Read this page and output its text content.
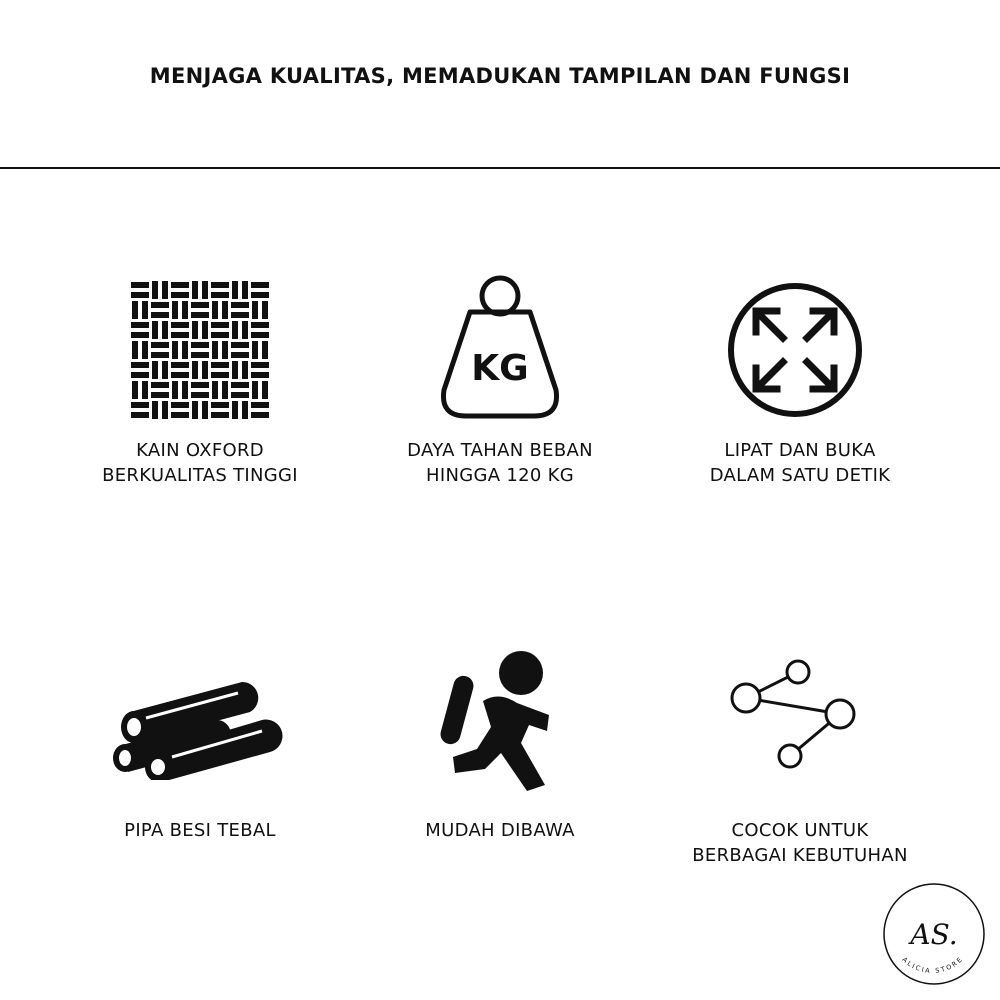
MENJAGA KUALITAS, MEMADUKAN TAMPILAN DAN FUNGSI
KAIN OXFORD
BERKUALITAS TINGGI
KG
DAYA TAHAN BEBAN
HINGGA 120 KG
LIPAT DAN BUKA
DALAM SATU DETIK
PIPA BESI TEBAL	MUDAH DIBAWA	COCOK UNTUK
BERBAGAI KEBUTUHAN
AS.
ALICIA STORE
